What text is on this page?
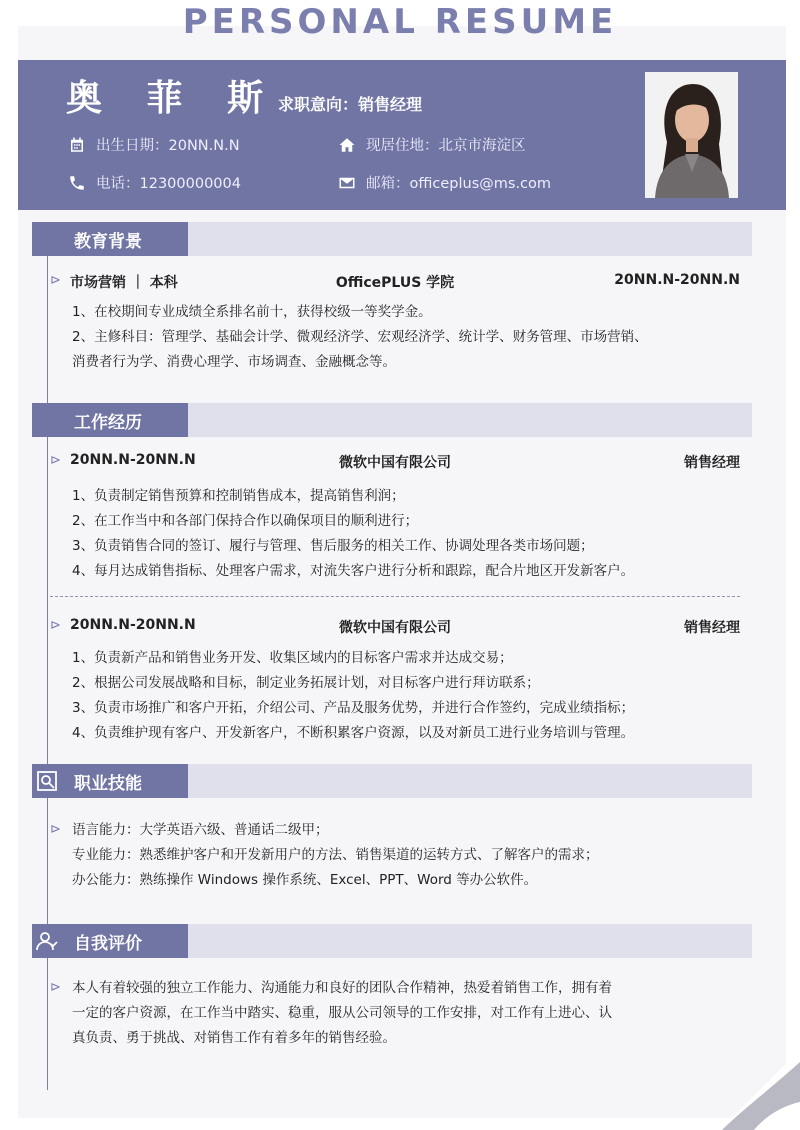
PERSONAL RESUME
奥 菲 斯
求职意向：销售经理
出生日期：20NN.N.N	现居住地：北京市海淀区
电话：12300000004	邮箱：officeplus@ms.com
教育背景
⊳ 市场营销 ｜ 本科	OfficePLUS 学院	20NN.N-20NN.N

1、在校期间专业成绩全系排名前十，获得校级一等奖学金。

2、主修科目：管理学、基础会计学、微观经济学、宏观经济学、统计学、财务管理、市场营销、

消费者行为学、消费心理学、市场调查、金融概念等。

工作经历
⊳ 20NN.N-20NN.N	微软中国有限公司	销售经理

1、负责制定销售预算和控制销售成本，提高销售利润；

2、在工作当中和各部门保持合作以确保项目的顺利进行；

3、负责销售合同的签订、履行与管理、售后服务的相关工作、协调处理各类市场问题；

4、每月达成销售指标、处理客户需求，对流失客户进行分析和跟踪，配合片地区开发新客户。

⊳ 20NN.N-20NN.N	微软中国有限公司	销售经理

1、负责新产品和销售业务开发、收集区域内的目标客户需求并达成交易；

2、根据公司发展战略和目标，制定业务拓展计划，对目标客户进行拜访联系；

3、负责市场推广和客户开拓，介绍公司、产品及服务优势，并进行合作签约，完成业绩指标；

4、负责维护现有客户、开发新客户，不断积累客户资源，以及对新员工进行业务培训与管理。

职业技能
⊳ 语言能力：大学英语六级、普通话二级甲；

专业能力：熟悉维护客户和开发新用户的方法、销售渠道的运转方式、了解客户的需求；

办公能力：熟练操作 Windows 操作系统、Excel、PPT、Word 等办公软件。

自我评价
⊳ 本人有着较强的独立工作能力、沟通能力和良好的团队合作精神，热爱着销售工作，拥有着

一定的客户资源，在工作当中踏实、稳重，服从公司领导的工作安排，对工作有上进心、认

真负责、勇于挑战、对销售工作有着多年的销售经验。
